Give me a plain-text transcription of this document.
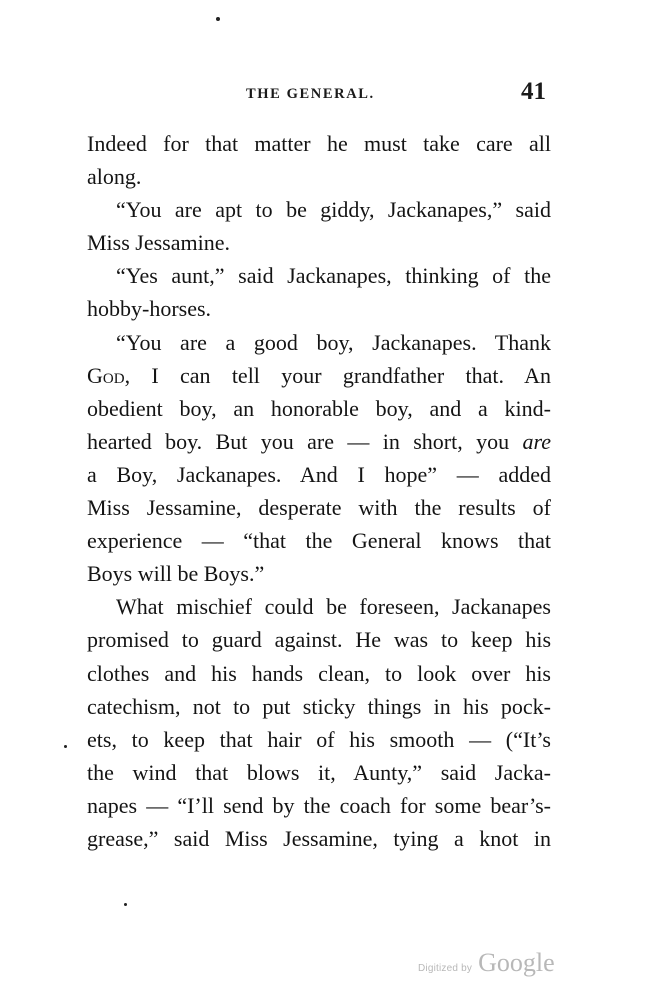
THE GENERAL.	41
Indeed for that matter he must take care all
along.
“You are apt to be giddy, Jackanapes,” said
Miss Jessamine.
“Yes aunt,” said Jackanapes, thinking of the
hobby-horses.
“You are a good boy, Jackanapes. Thank
God, I can tell your grandfather that. An
obedient boy, an honorable boy, and a kind-
hearted boy. But you are — in short, you are
a Boy, Jackanapes. And I hope” — added
Miss Jessamine, desperate with the results of
experience — “that the General knows that
Boys will be Boys.”
What mischief could be foreseen, Jackanapes
promised to guard against. He was to keep his
clothes and his hands clean, to look over his
catechism, not to put sticky things in his pock-
ets, to keep that hair of his smooth — (“It’s
the wind that blows it, Aunty,” said Jacka-
napes — “I’ll send by the coach for some bear’s-
grease,” said Miss Jessamine, tying a knot in
Digitized by Google
